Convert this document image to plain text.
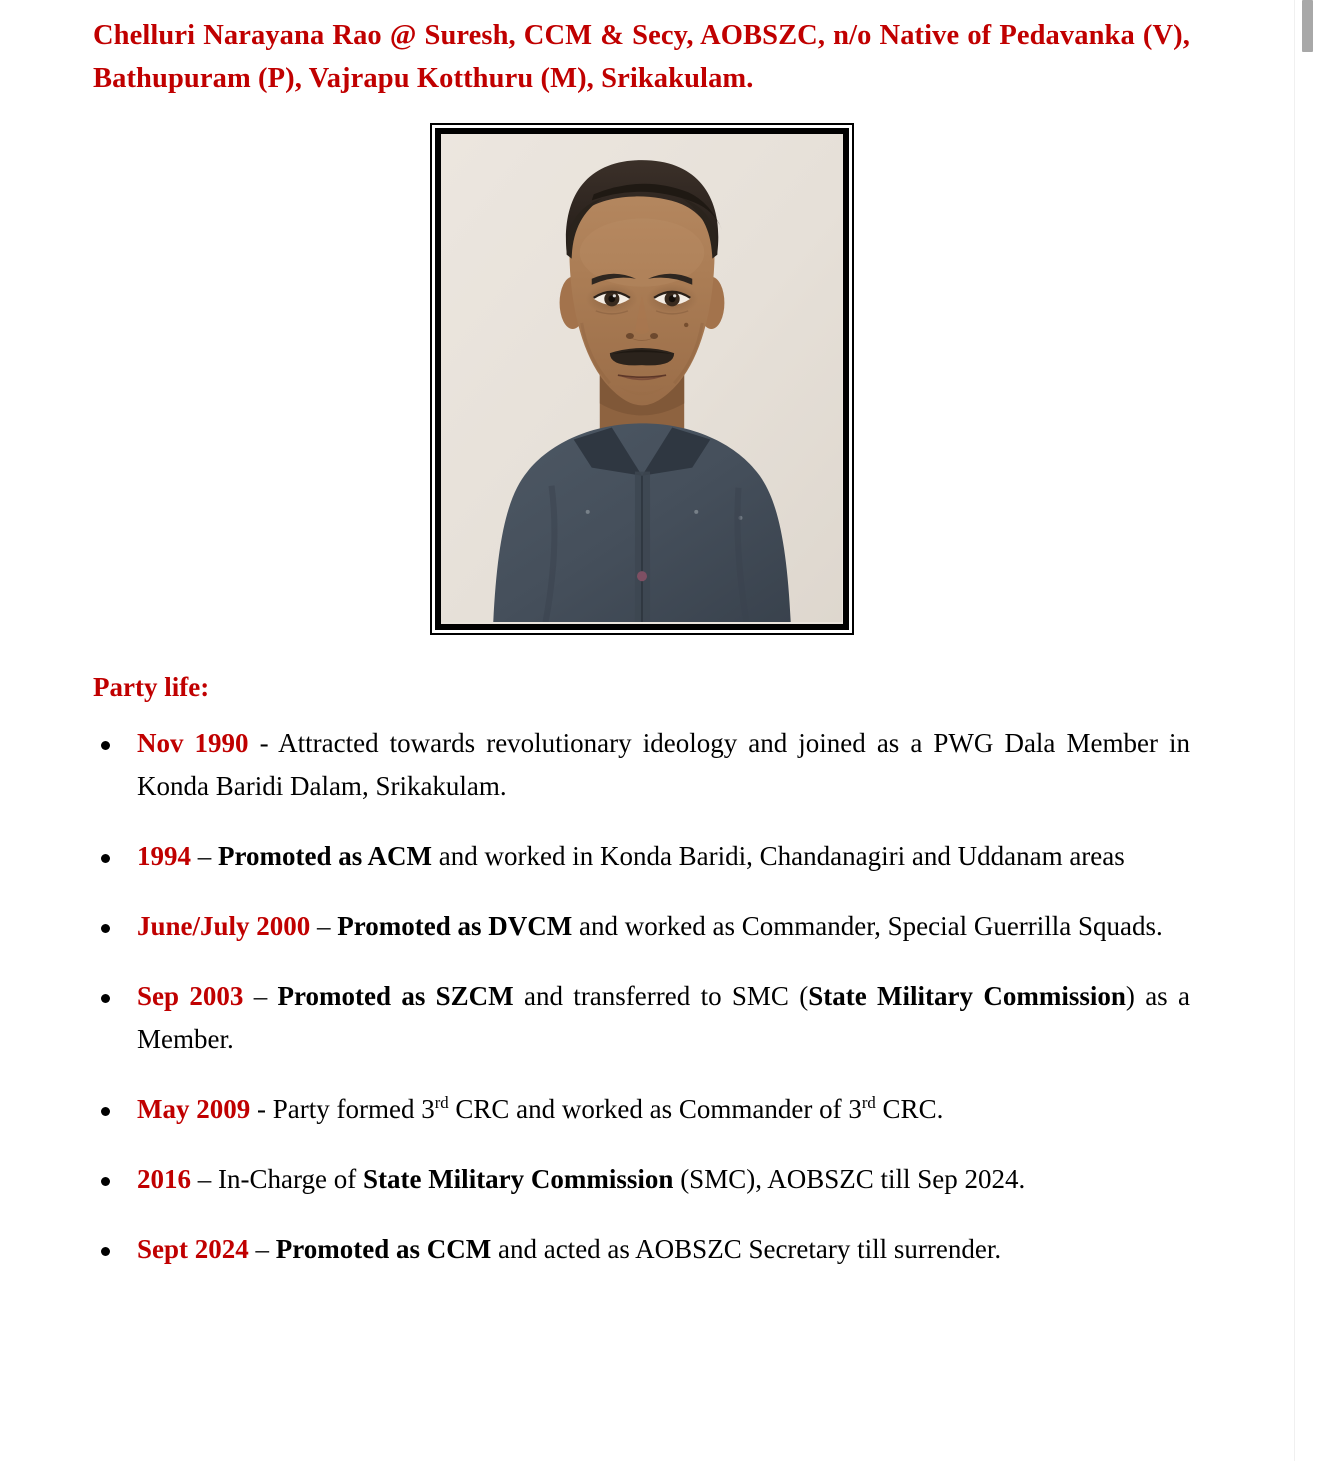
Chelluri Narayana Rao @ Suresh, CCM & Secy, AOBSZC, n/o Native of Pedavanka (V), Bathupuram (P), Vajrapu Kotthuru (M), Srikakulam.

Party life:

Nov 1990 - Attracted towards revolutionary ideology and joined as a PWG Dala Member in Konda Baridi Dalam, Srikakulam.
1994 – Promoted as ACM and worked in Konda Baridi, Chandanagiri and Uddanam areas
June/July 2000 – Promoted as DVCM and worked as Commander, Special Guerrilla Squads.
Sep 2003 – Promoted as SZCM and transferred to SMC (State Military Commission) as a Member.
May 2009 - Party formed 3rd CRC and worked as Commander of 3rd CRC.
2016 – In-Charge of State Military Commission (SMC), AOBSZC till Sep 2024.
Sept 2024 – Promoted as CCM and acted as AOBSZC Secretary till surrender.
